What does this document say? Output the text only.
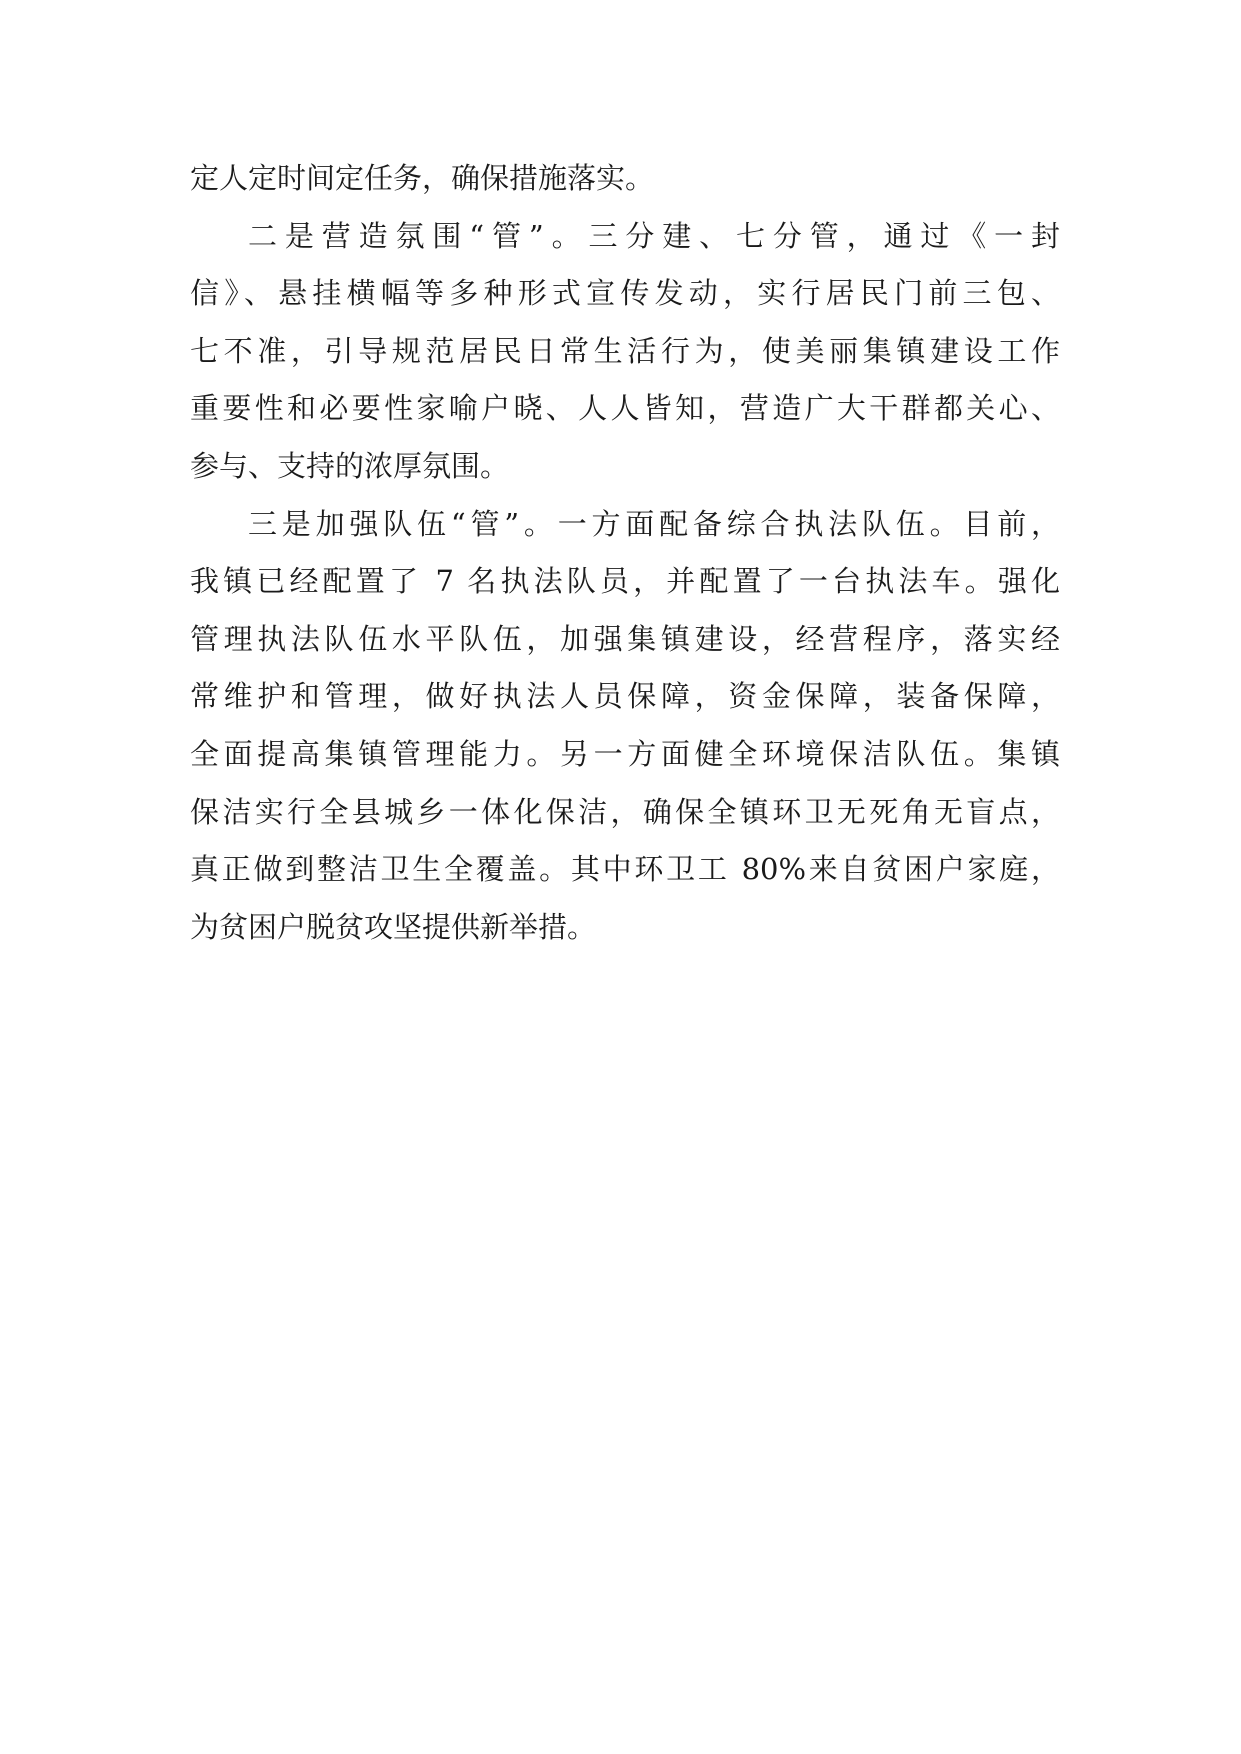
定人定时间定任务，确保措施落实。
二是营造氛围“管”。三分建、七分管，通过《一封
信》、悬挂横幅等多种形式宣传发动，实行居民门前三包、
七不准，引导规范居民日常生活行为，使美丽集镇建设工作
重要性和必要性家喻户晓、人人皆知，营造广大干群都关心、
参与、支持的浓厚氛围。
三是加强队伍“管”。一方面配备综合执法队伍。目前，
我镇已经配置了 7 名执法队员，并配置了一台执法车。强化
管理执法队伍水平队伍，加强集镇建设，经营程序，落实经
常维护和管理，做好执法人员保障，资金保障，装备保障，
全面提高集镇管理能力。另一方面健全环境保洁队伍。集镇
保洁实行全县城乡一体化保洁，确保全镇环卫无死角无盲点，
真正做到整洁卫生全覆盖。其中环卫工 80%来自贫困户家庭，
为贫困户脱贫攻坚提供新举措。
